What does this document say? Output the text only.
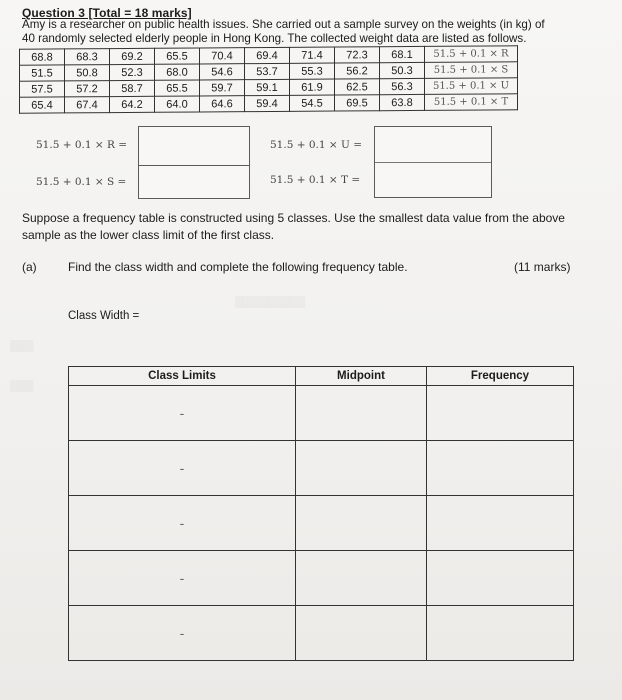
▒▒▒▒▒▒▒▒▒
▒▒▒
▒▒▒
Question 3 [Total = 18 marks]
Amy is a researcher on public health issues. She carried out a sample survey on the weights (in kg) of
40 randomly selected elderly people in Hong Kong. The collected weight data are listed as follows.
68.8	68.3	69.2	65.5	70.4	69.4	71.4	72.3	68.1	51.5 + 0.1 × R
51.5	50.8	52.3	68.0	54.6	53.7	55.3	56.2	50.3	51.5 + 0.1 × S
57.5	57.2	58.7	65.5	59.7	59.1	61.9	62.5	56.3	51.5 + 0.1 × U
65.4	67.4	64.2	64.0	64.6	59.4	54.5	69.5	63.8	51.5 + 0.1 × T
51.5 + 0.1 × R =
51.5 + 0.1 × S =
51.5 + 0.1 × U =
51.5 + 0.1 × T =
Suppose a frequency table is constructed using 5 classes. Use the smallest data value from the above
sample as the lower class limit of the first class.
(a)	Find the class width and complete the following frequency table.	(11 marks)
Class Width =
Class Limits	Midpoint	Frequency
-		
-		
-		
-		
-		
